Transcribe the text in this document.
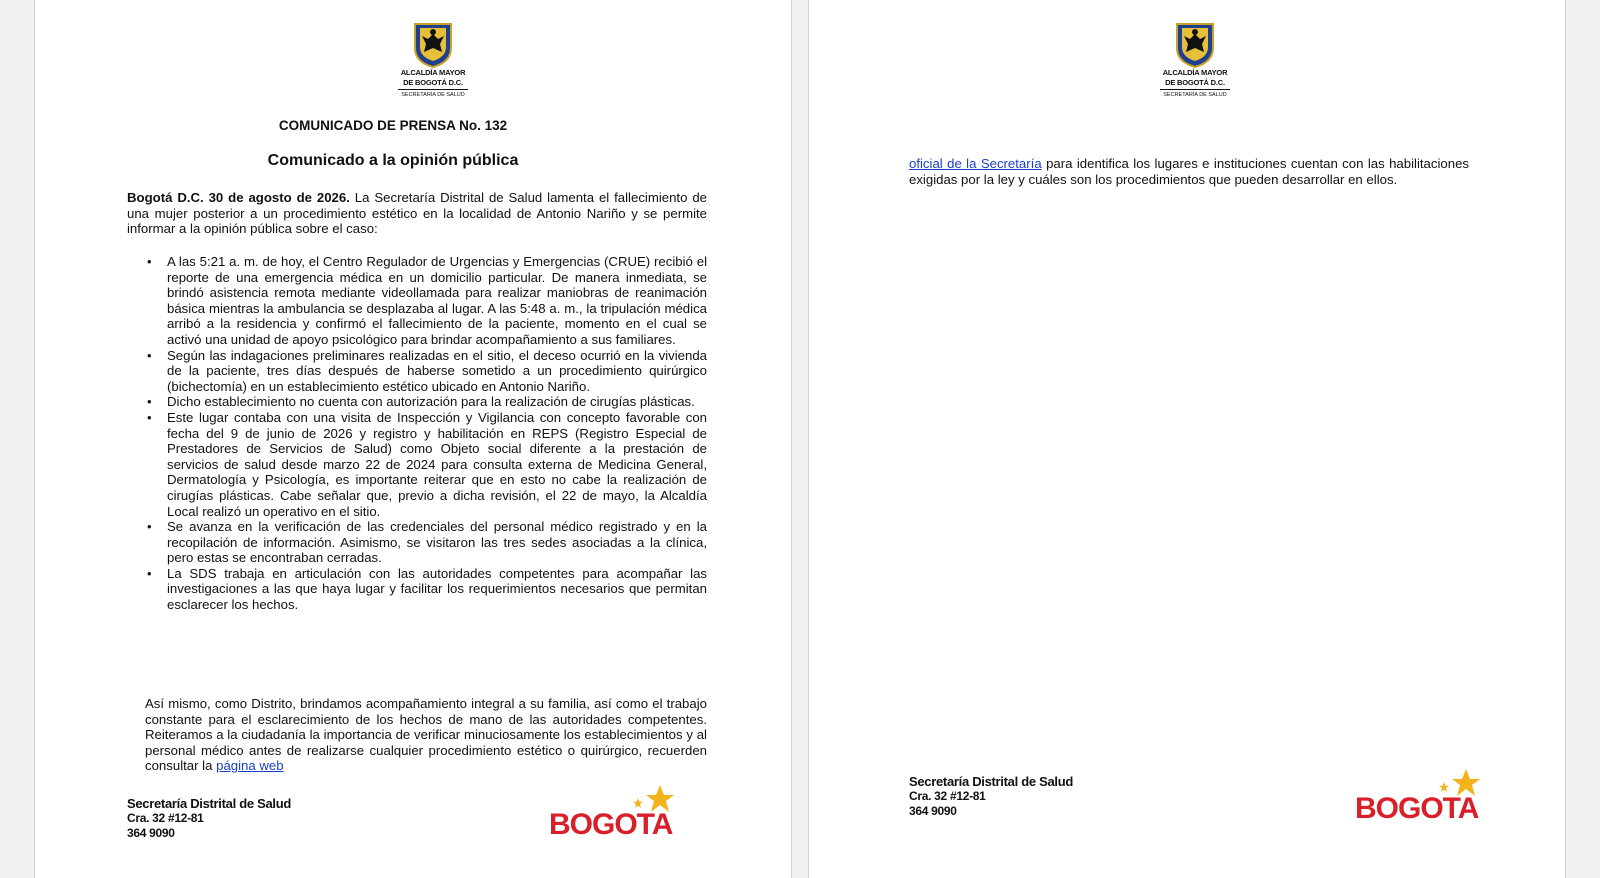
ALCALDÍA MAYOR
DE BOGOTÁ D.C.
SECRETARÍA DE SALUD
COMUNICADO DE PRENSA No. 132
Comunicado a la opinión pública

Bogotá D.C. 30 de agosto de 2026. La Secretaría Distrital de Salud lamenta el fallecimiento de una mujer posterior a un procedimiento estético en la localidad de Antonio Nariño y se permite informar a la opinión pública sobre el caso:

• A las 5:21 a. m. de hoy, el Centro Regulador de Urgencias y Emergencias (CRUE) recibió el reporte de una emergencia médica en un domicilio particular. De manera inmediata, se brindó asistencia remota mediante videollamada para realizar maniobras de reanimación básica mientras la ambulancia se desplazaba al lugar. A las 5:48 a. m., la tripulación médica arribó a la residencia y confirmó el fallecimiento de la paciente, momento en el cual se activó una unidad de apoyo psicológico para brindar acompañamiento a sus familiares.
• Según las indagaciones preliminares realizadas en el sitio, el deceso ocurrió en la vivienda de la paciente, tres días después de haberse sometido a un procedimiento quirúrgico (bichectomía) en un establecimiento estético ubicado en Antonio Nariño.
• Dicho establecimiento no cuenta con autorización para la realización de cirugías plásticas.
• Este lugar contaba con una visita de Inspección y Vigilancia con concepto favorable con fecha del 9 de junio de 2026 y registro y habilitación en REPS (Registro Especial de Prestadores de Servicios de Salud) como Objeto social diferente a la prestación de servicios de salud desde marzo 22 de 2024 para consulta externa de Medicina General, Dermatología y Psicología, es importante reiterar que en esto no cabe la realización de cirugías plásticas. Cabe señalar que, previo a dicha revisión, el 22 de mayo, la Alcaldía Local realizó un operativo en el sitio.
• Se avanza en la verificación de las credenciales del personal médico registrado y en la recopilación de información. Asimismo, se visitaron las tres sedes asociadas a la clínica, pero estas se encontraban cerradas.
• La SDS trabaja en articulación con las autoridades competentes para acompañar las investigaciones a las que haya lugar y facilitar los requerimientos necesarios que permitan esclarecer los hechos.

Así mismo, como Distrito, brindamos acompañamiento integral a su familia, así como el trabajo constante para el esclarecimiento de los hechos de mano de las autoridades competentes. Reiteramos a la ciudadanía la importancia de verificar minuciosamente los establecimientos y al personal médico antes de realizarse cualquier procedimiento estético o quirúrgico, recuerden consultar la página web

Secretaría Distrital de Salud
Cra. 32 #12-81
364 9090	BOGOTA
ALCALDÍA MAYOR
DE BOGOTÁ D.C.
SECRETARÍA DE SALUD

oficial de la Secretaría para identifica los lugares e instituciones cuentan con las habilitaciones exigidas por la ley y cuáles son los procedimientos que pueden desarrollar en ellos.

Secretaría Distrital de Salud
Cra. 32 #12-81
364 9090	BOGOTA
